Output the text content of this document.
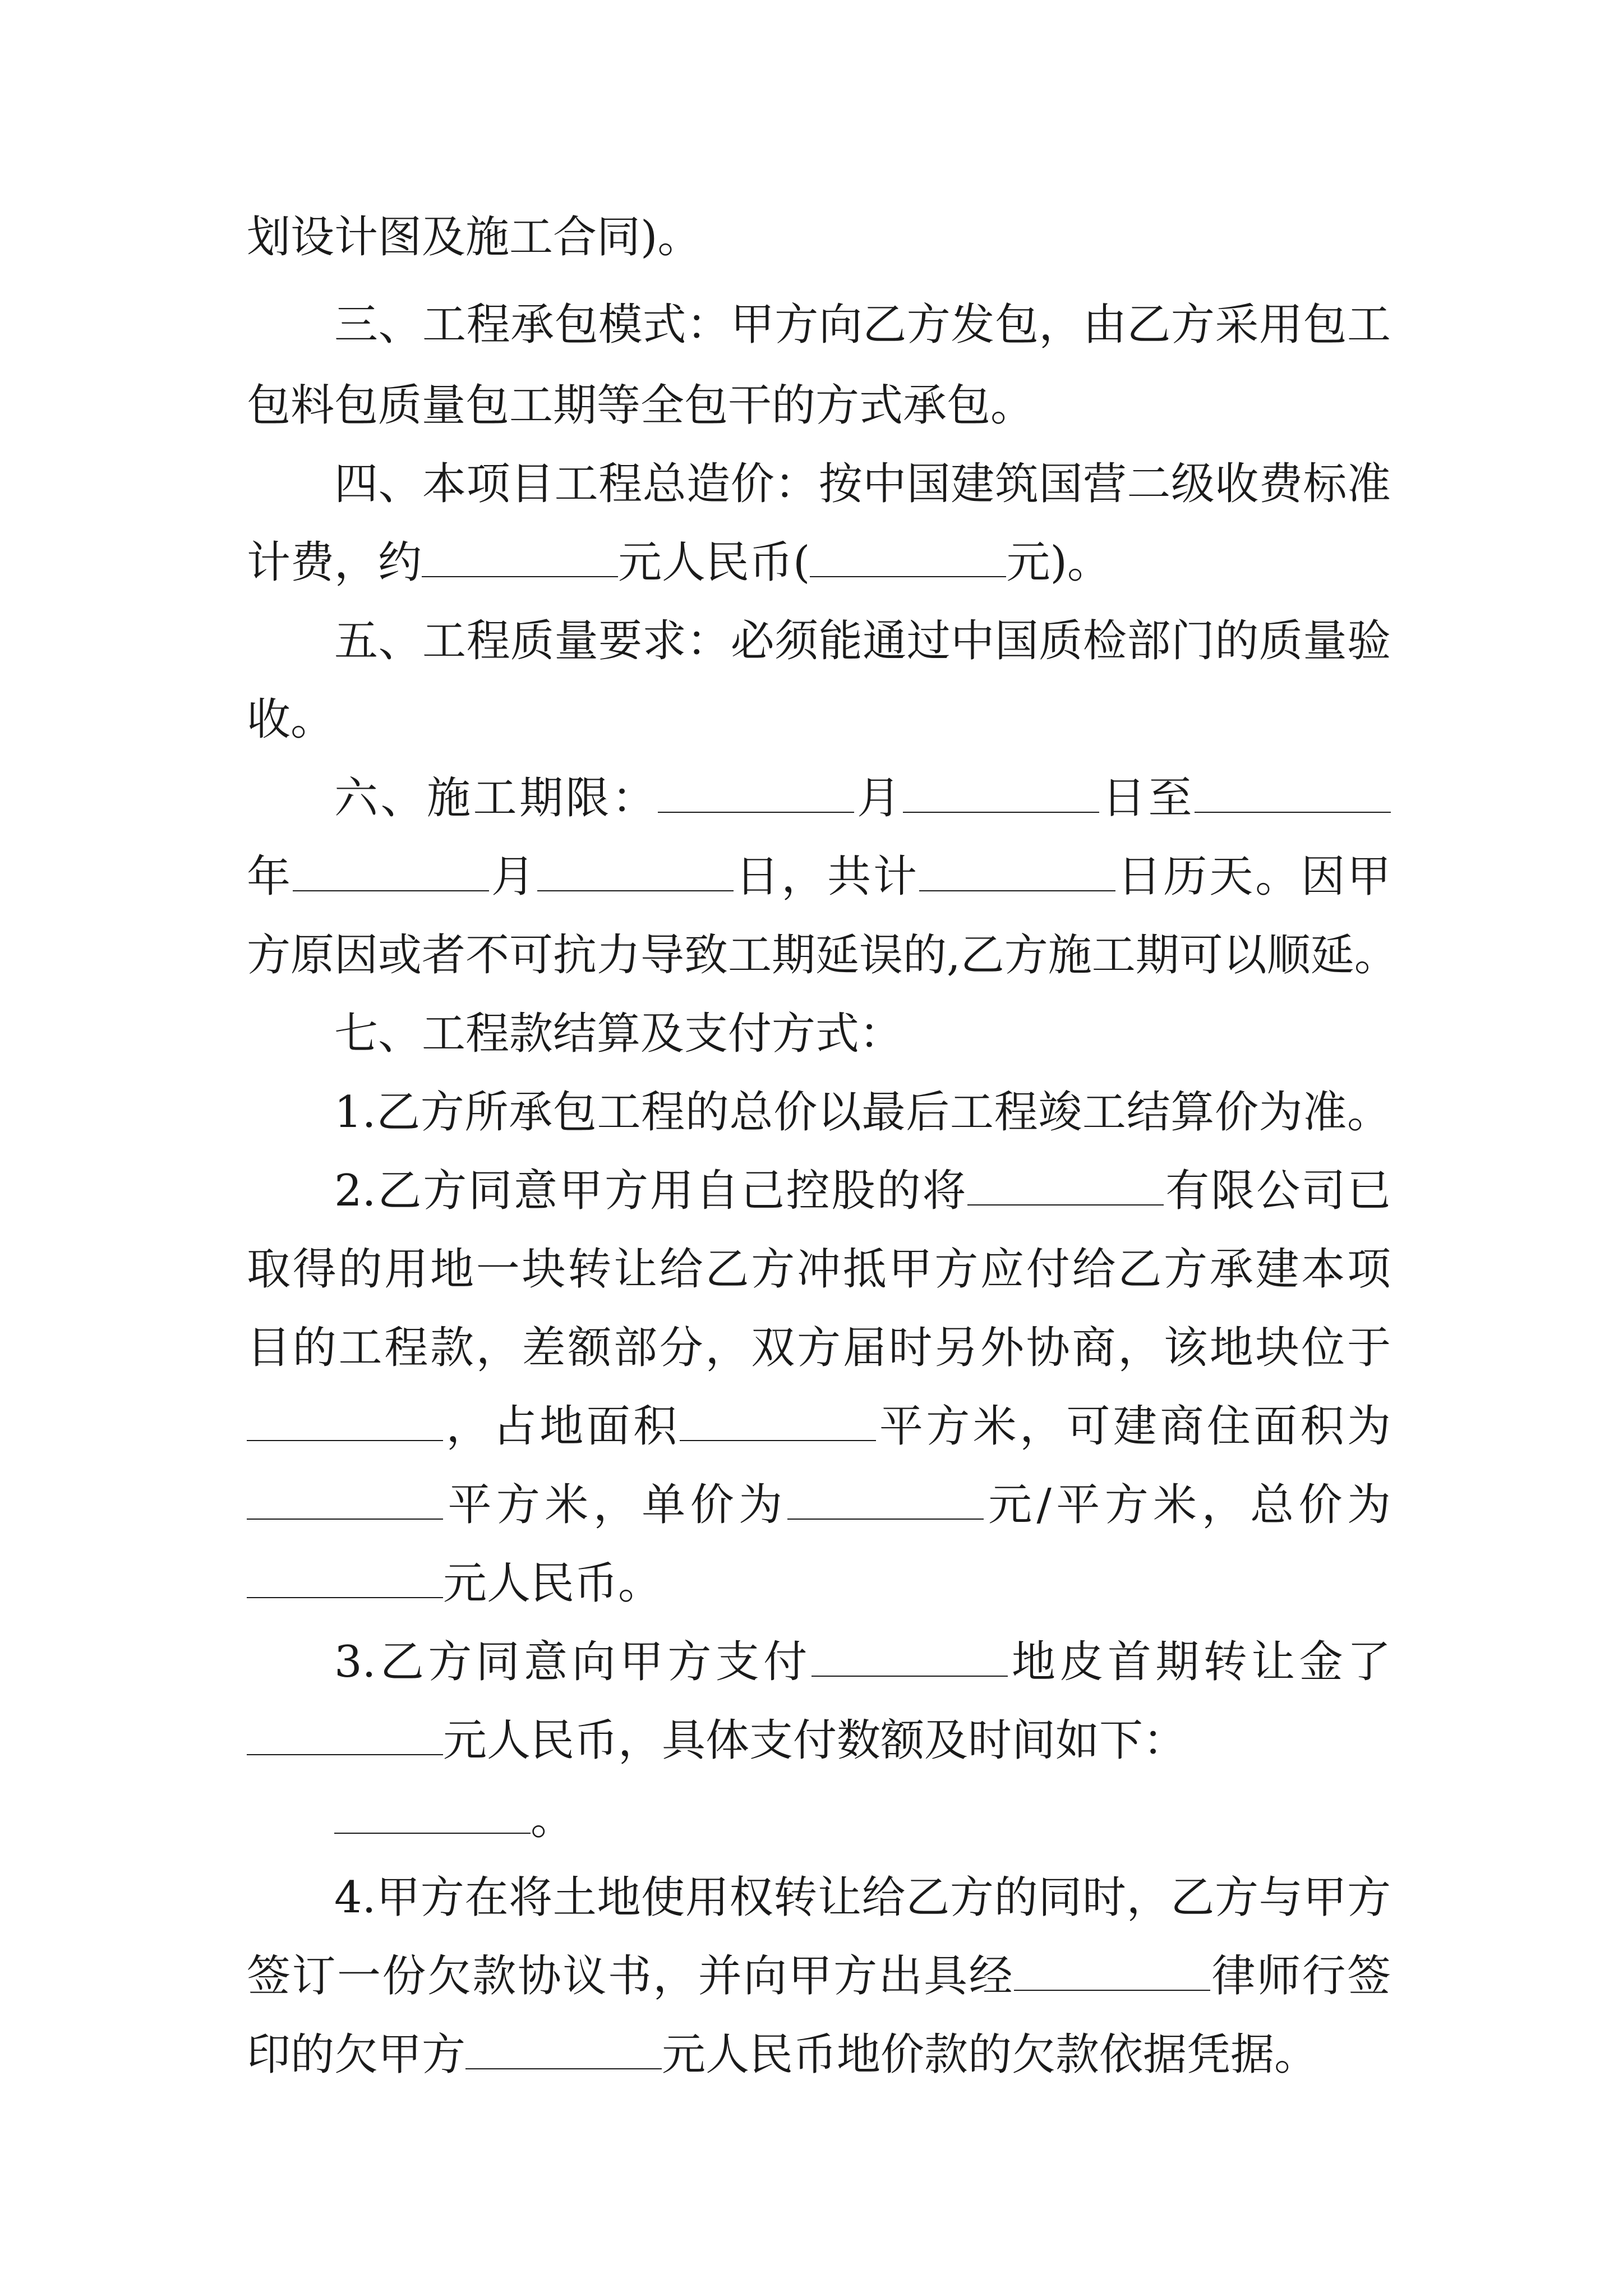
划设计图及施工合同)。
三、工程承包模式：甲方向乙方发包，由乙方采用包工
包料包质量包工期等全包干的方式承包。
四、本项目工程总造价：按中国建筑国营二级收费标准
计费，约	元人民币(	元)。
五、工程质量要求：必须能通过中国质检部门的质量验
收。
六、施工期限：	月	日至
年	月	日，共计	日历天。因甲
方原因或者不可抗力导致工期延误的,乙方施工期可以顺延。
七、工程款结算及支付方式：
1.乙方所承包工程的总价以最后工程竣工结算价为准。
2.乙方同意甲方用自己控股的将	有限公司已
取得的用地一块转让给乙方冲抵甲方应付给乙方承建本项
目的工程款，差额部分，双方届时另外协商，该地块位于
，占地面积	平方米，可建商住面积为
平方米，单价为	元/平方米，总价为
元人民币。
3.乙方同意向甲方支付	地皮首期转让金了
元人民币，具体支付数额及时间如下：
。
4.甲方在将土地使用权转让给乙方的同时，乙方与甲方
签订一份欠款协议书，并向甲方出具经	律师行签
印的欠甲方	元人民币地价款的欠款依据凭据。
